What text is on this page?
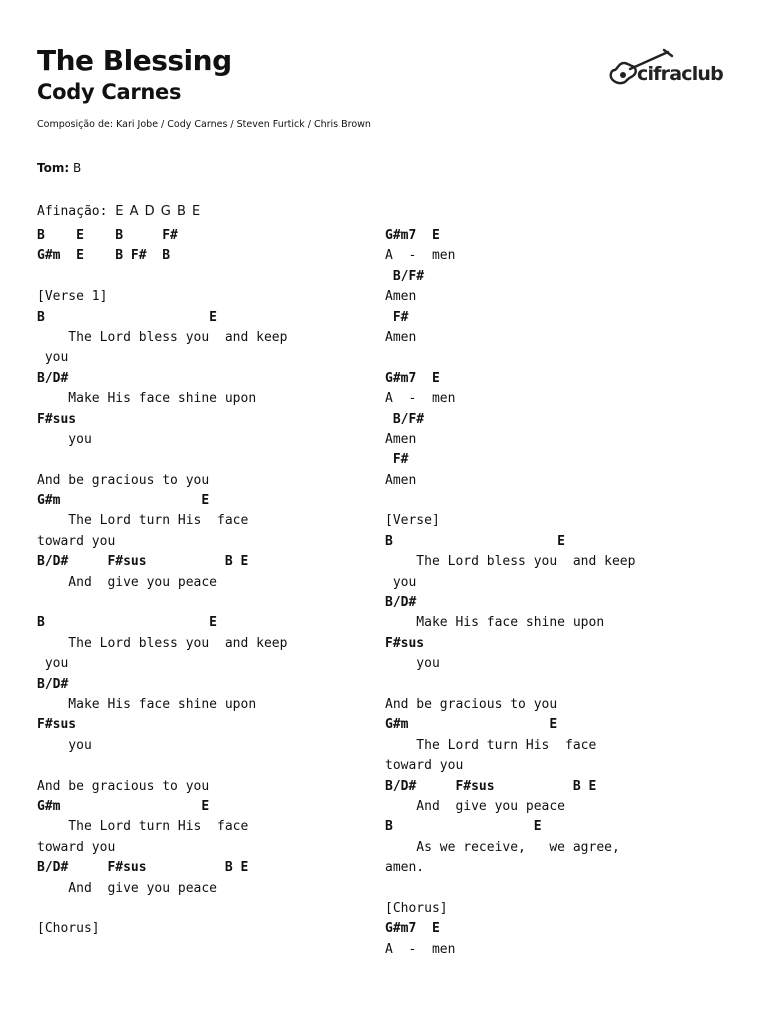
The Blessing
Cody Carnes
Composição de: Kari Jobe / Cody Carnes / Steven Furtick / Chris Brown
cifraclub
Tom: B
Afinação: E A D G B E
B    E    B     F#
G#m  E    B F#  B
[Verse 1]
B                     E
The Lord bless you  and keep
you
B/D#
Make His face shine upon
F#sus
you
And be gracious to you
G#m                  E
The Lord turn His  face
toward you
B/D#     F#sus          B E
And  give you peace
B                     E
The Lord bless you  and keep
you
B/D#
Make His face shine upon
F#sus
you
And be gracious to you
G#m                  E
The Lord turn His  face
toward you
B/D#     F#sus          B E
And  give you peace
[Chorus]
G#m7  E
A  -  men
B/F#
Amen
F#
Amen
G#m7  E
A  -  men
B/F#
Amen
F#
Amen
[Verse]
B                     E
The Lord bless you  and keep
you
B/D#
Make His face shine upon
F#sus
you
And be gracious to you
G#m                  E
The Lord turn His  face
toward you
B/D#     F#sus          B E
And  give you peace
B                  E
As we receive,   we agree,
amen.
[Chorus]
G#m7  E
A  -  men
